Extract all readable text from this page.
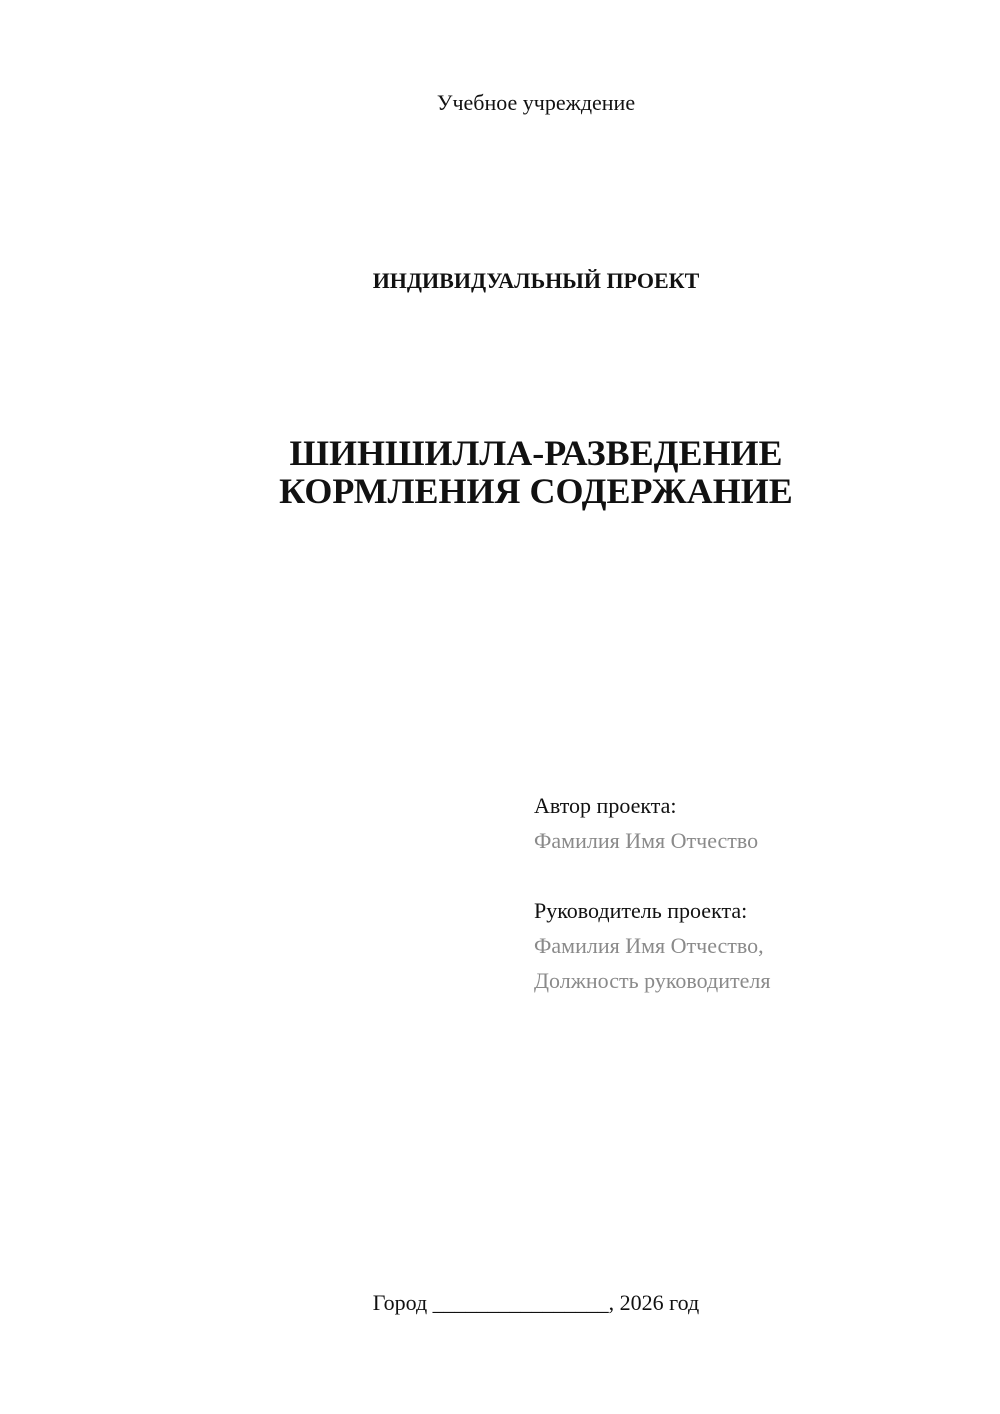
Учебное учреждение
ИНДИВИДУАЛЬНЫЙ ПРОЕКТ
ШИНШИЛЛА-РАЗВЕДЕНИЕ
КОРМЛЕНИЯ СОДЕРЖАНИЕ
Автор проекта:
Фамилия Имя Отчество
Руководитель проекта:
Фамилия Имя Отчество,
Должность руководителя
Город ________________, 2026 год
